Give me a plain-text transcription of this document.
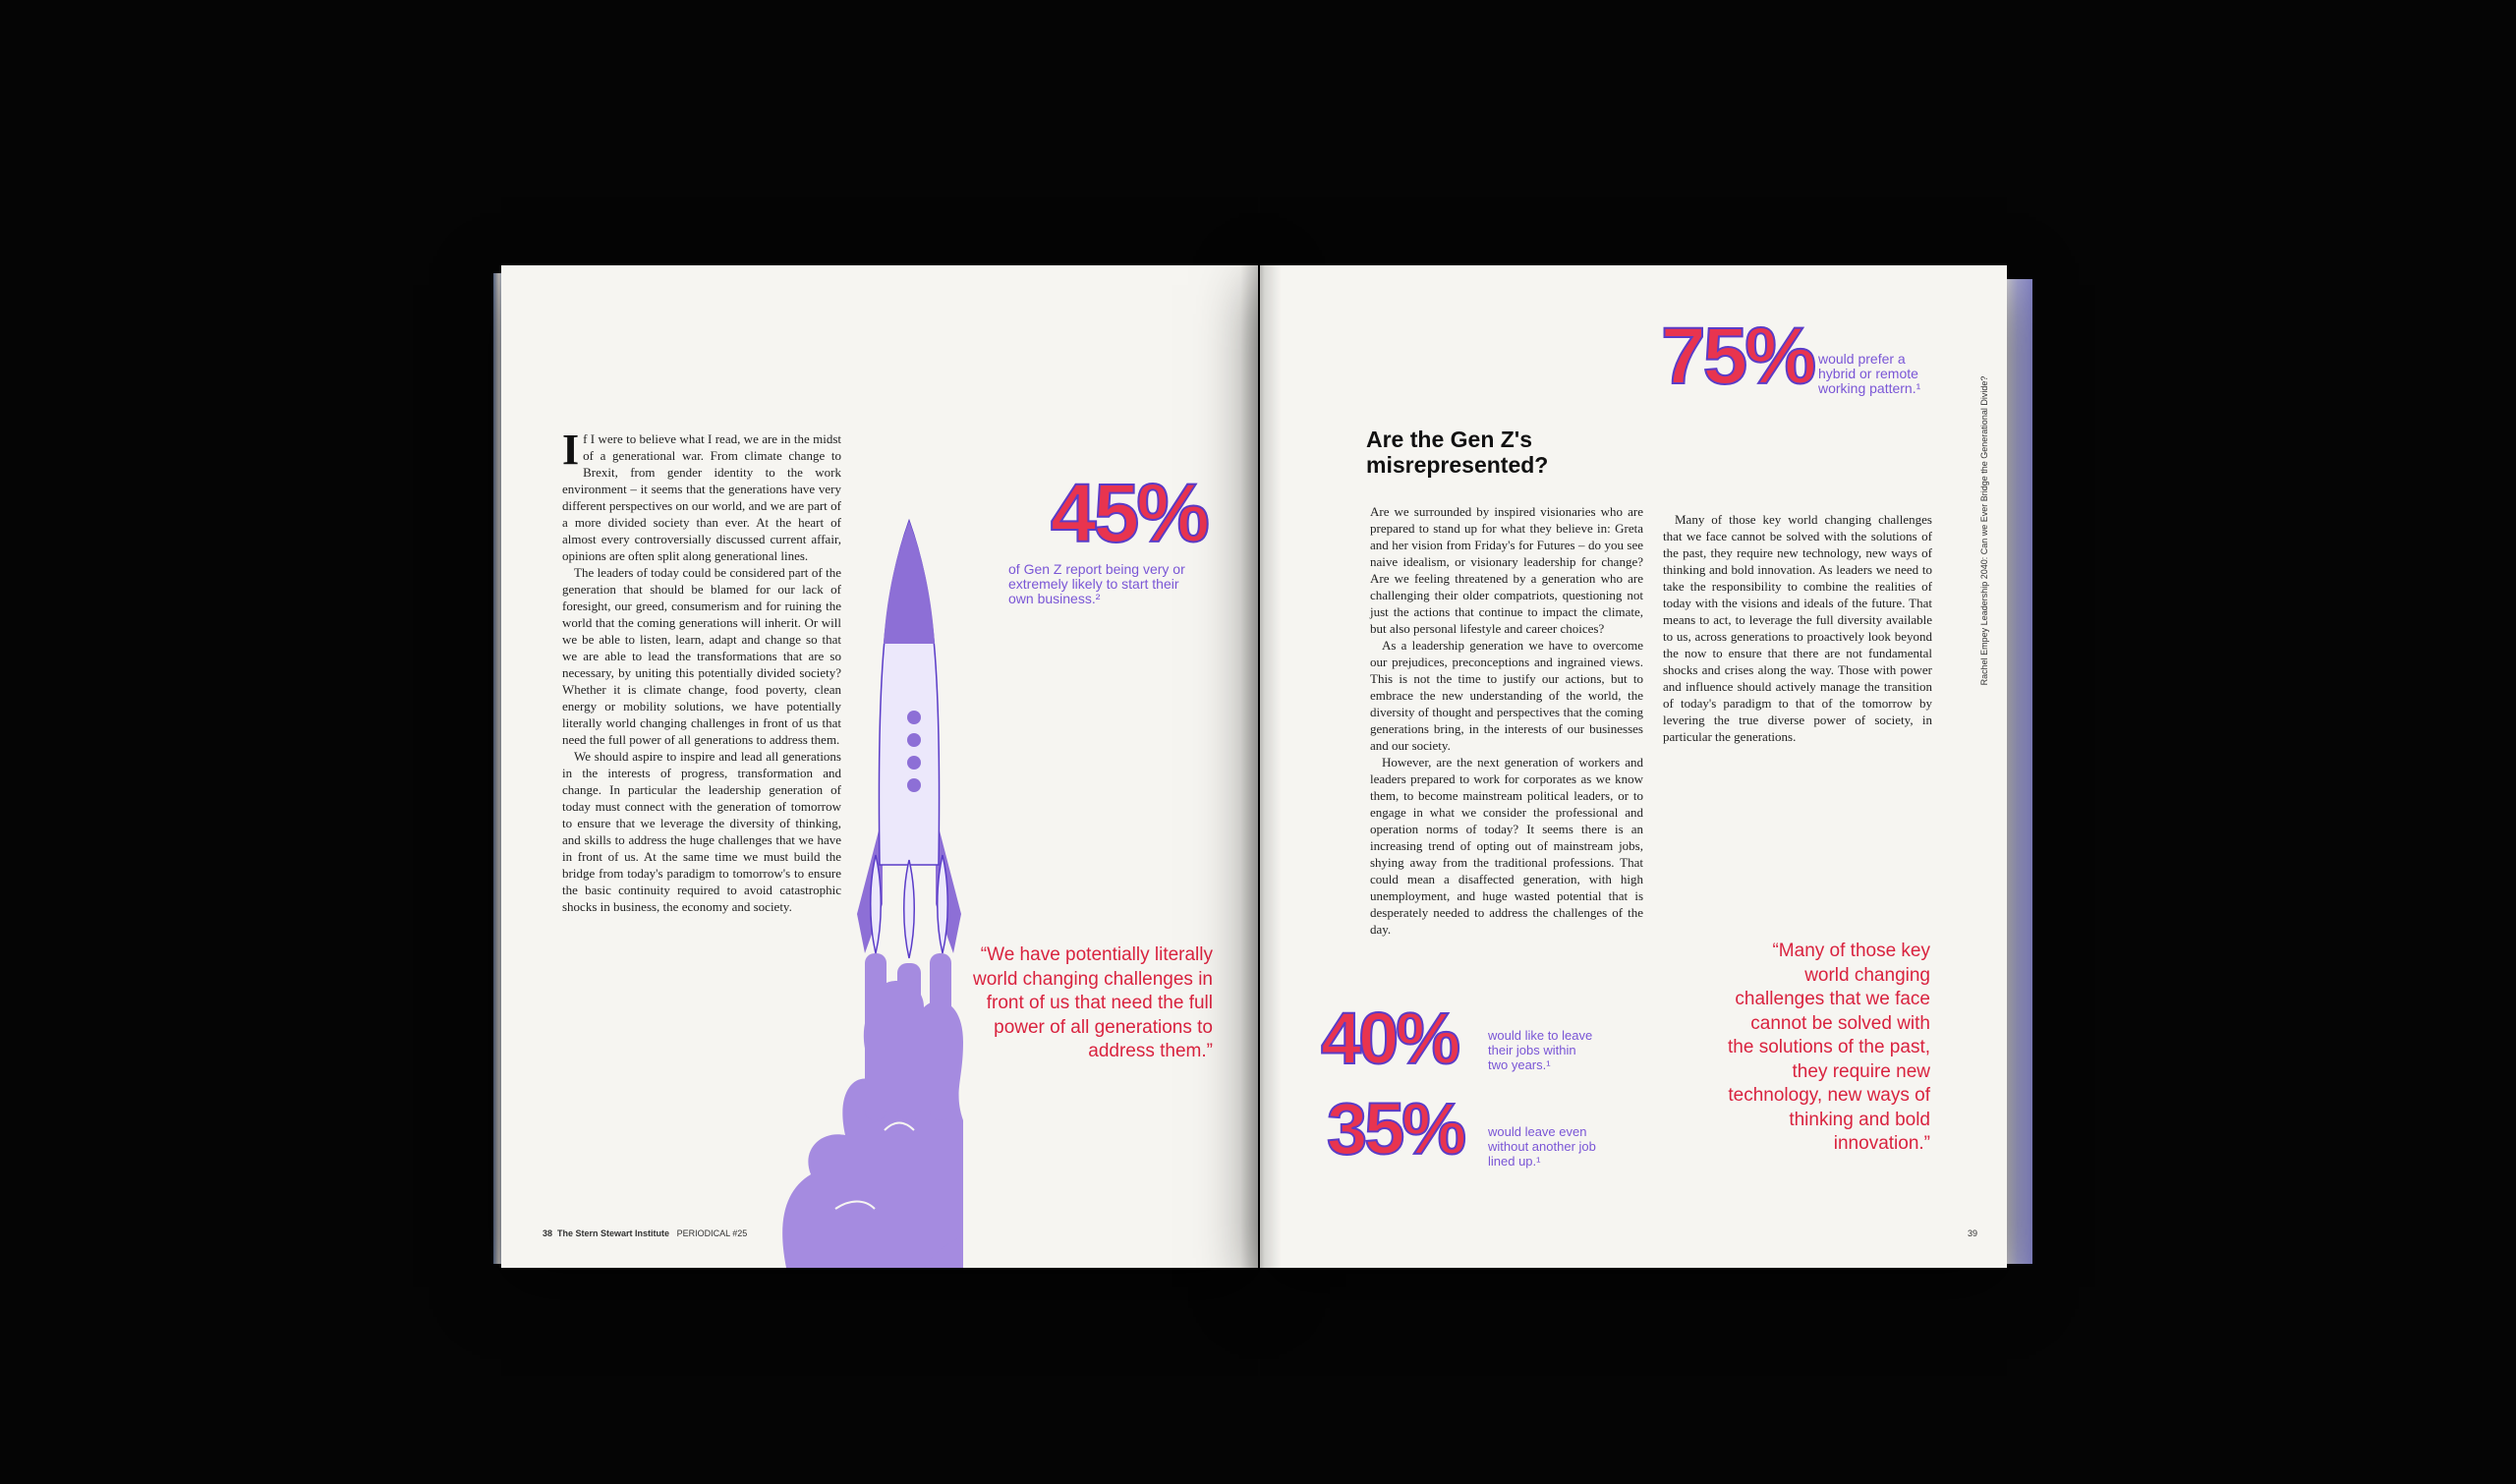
I f I were to believe what I read, we are in the midst of a generational war. From climate change to Brexit, from gender identity to the work environment – it seems that the generations have very different perspectives on our world, and we are part of a more divided society than ever. At the heart of almost every controversially discussed current affair, opinions are often split along generational lines.

The leaders of today could be considered part of the generation that should be blamed for our lack of foresight, our greed, consumerism and for ruining the world that the coming generations will inherit. Or will we be able to listen, learn, adapt and change so that we are able to lead the transformations that are so necessary, by uniting this potentially divided society? Whether it is climate change, food poverty, clean energy or mobility solutions, we have potentially literally world changing challenges in front of us that need the full power of all generations to address them.

We should aspire to inspire and lead all generations in the interests of progress, transformation and change. In particular the leadership generation of today must connect with the generation of tomorrow to ensure that we leverage the diversity of thinking, and skills to address the huge challenges that we have in front of us. At the same time we must build the bridge from today's paradigm to tomorrow's to ensure the basic continuity required to avoid catastrophic shocks in business, the economy and society.

45%
of Gen Z report being very or extremely likely to start their own business.²
“We have potentially literally world changing challenges in front of us that need the full power of all generations to address them.”
38 The Stern Stewart Institute PERIODICAL #25
75% would prefer a hybrid or remote working pattern.¹
Are the Gen Z's misrepresented?

Are we surrounded by inspired visionaries who are prepared to stand up for what they believe in: Greta and her vision from Friday's for Futures – do you see naive idealism, or visionary leadership for change? Are we feeling threatened by a generation who are challenging their older compatriots, questioning not just the actions that continue to impact the climate, but also personal lifestyle and career choices?

As a leadership generation we have to overcome our prejudices, preconceptions and ingrained views. This is not the time to justify our actions, but to embrace the new understanding of the world, the diversity of thought and perspectives that the coming generations bring, in the interests of our businesses and our society.

However, are the next generation of workers and leaders prepared to work for corporates as we know them, to become mainstream political leaders, or to engage in what we consider the professional and operation norms of today? It seems there is an increasing trend of opting out of mainstream jobs, shying away from the traditional professions. That could mean a disaffected generation, with high unemployment, and huge wasted potential that is desperately needed to address the challenges of the day.

Many of those key world changing challenges that we face cannot be solved with the solutions of the past, they require new technology, new ways of thinking and bold innovation. As leaders we need to take the responsibility to combine the realities of today with the visions and ideals of the future. That means to act, to leverage the full diversity available to us, across generations to proactively look beyond the now to ensure that there are not fundamental shocks and crises along the way. Those with power and influence should actively manage the transition of today's paradigm to that of the tomorrow by levering the true diverse power of society, in particular the generations.

40% would like to leave their jobs within two years.¹
35% would leave even without another job lined up.¹
“Many of those key world changing challenges that we face cannot be solved with the solutions of the past, they require new technology, new ways of thinking and bold innovation.”
39
Rachel Empey Leadership 2040: Can we Ever Bridge the Generational Divide?
